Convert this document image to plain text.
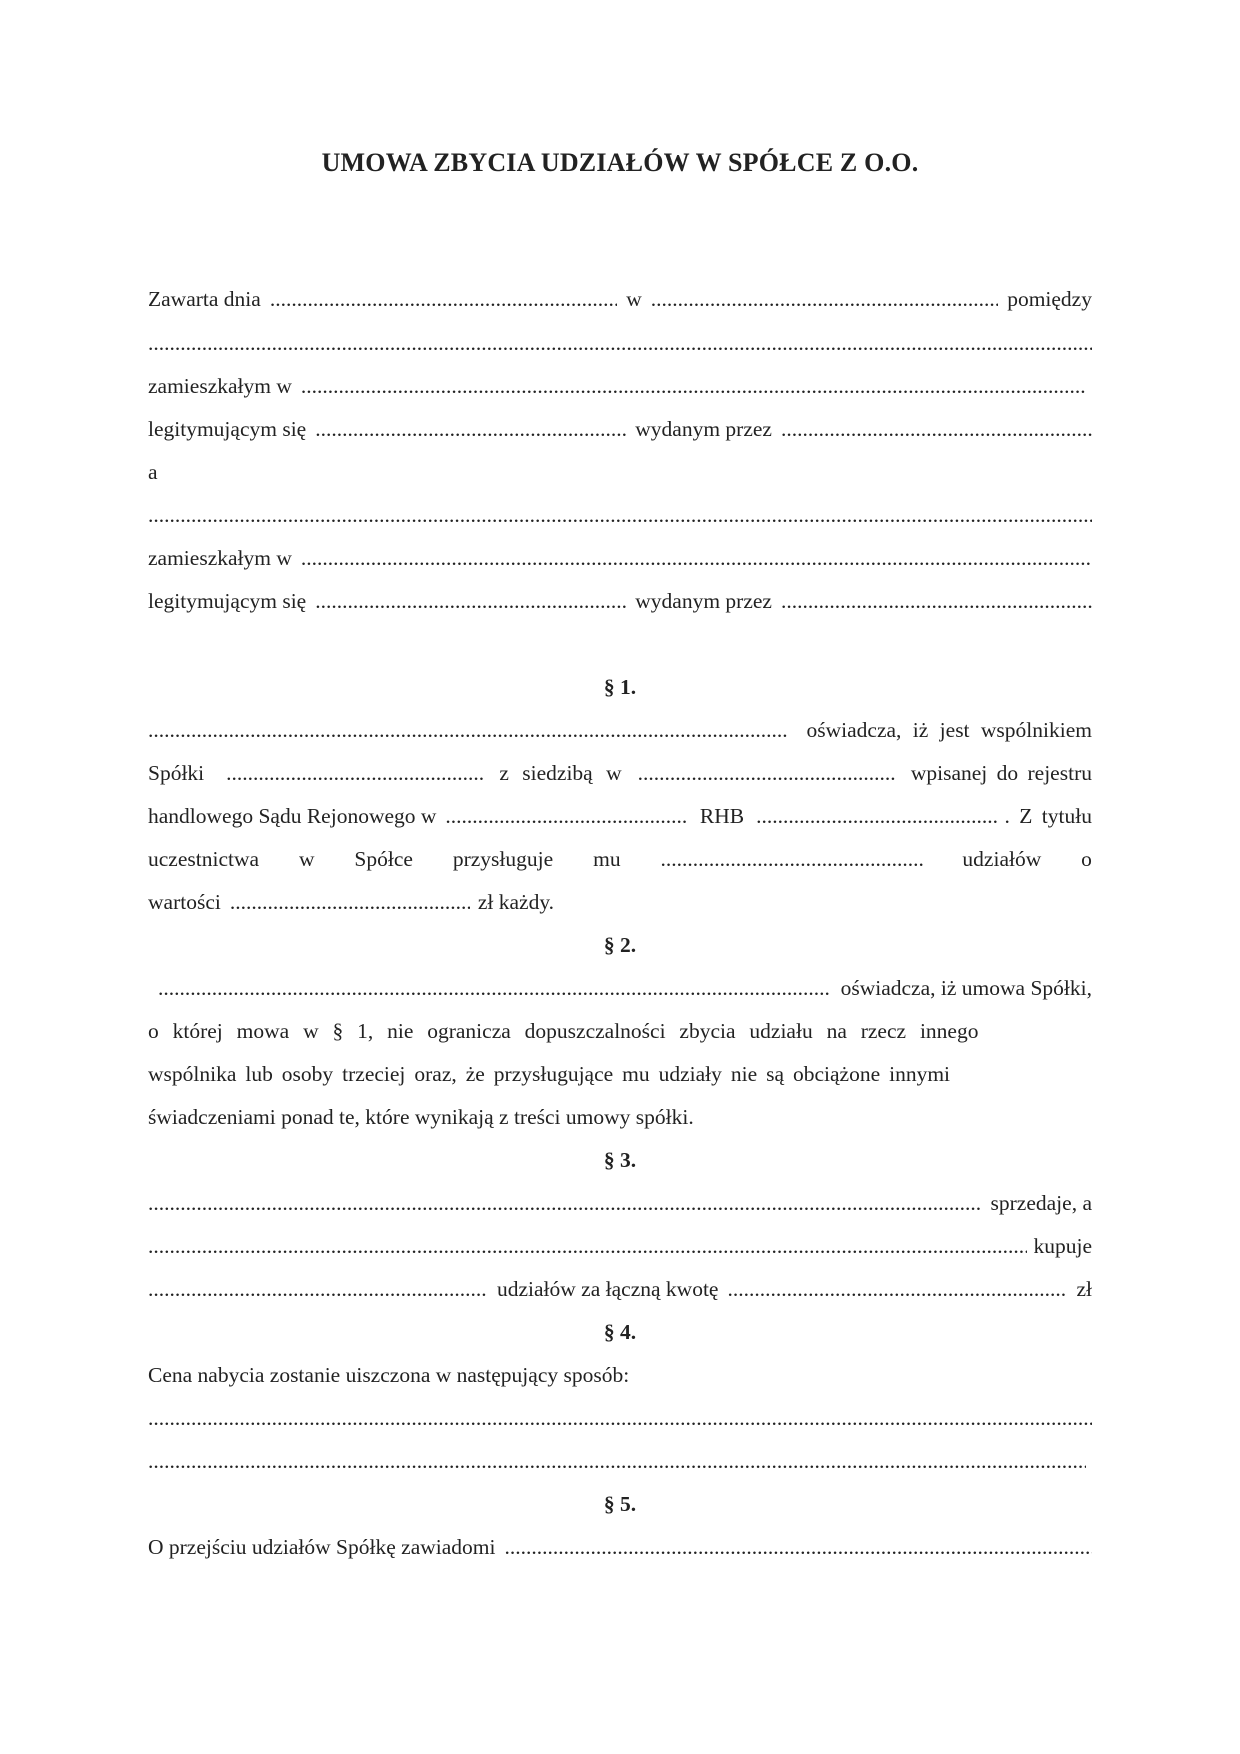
UMOWA ZBYCIA UDZIAŁÓW W SPÓŁCE Z O.O.
Zawarta dnia .....	w .....	pomiędzy
.....
zamieszkałym w
.....
legitymującym się .....	wydanym przez
.....
a
.....
zamieszkałym w
.....
legitymującym się .....	wydanym przez
.....
§ 1.
.....
oświadcza, iż jest wspólnikiem
Spółki .....	z siedzibą w .....	wpisanej do rejestru
handlowego Sądu Rejonowego w .....	RHB .....	. Z tytułu
uczestnictwa w Spółce przysługuje mu .....	udziałów o
wartości .....	zł każdy.
§ 2.
.....
oświadcza, iż umowa Spółki,
o której mowa w § 1, nie ogranicza dopuszczalności zbycia udziału na rzecz innego
wspólnika lub osoby trzeciej oraz, że przysługujące mu udziały nie są obciążone innymi
świadczeniami ponad te, które wynikają z treści umowy spółki.
§ 3.
.....
sprzedaje, a
.....
kupuje
.....
udziałów za łączną kwotę .....	zł
§ 4.
Cena nabycia zostanie uiszczona w następujący sposób:
.....
.....
§ 5.
O przejściu udziałów Spółkę zawiadomi
.....
